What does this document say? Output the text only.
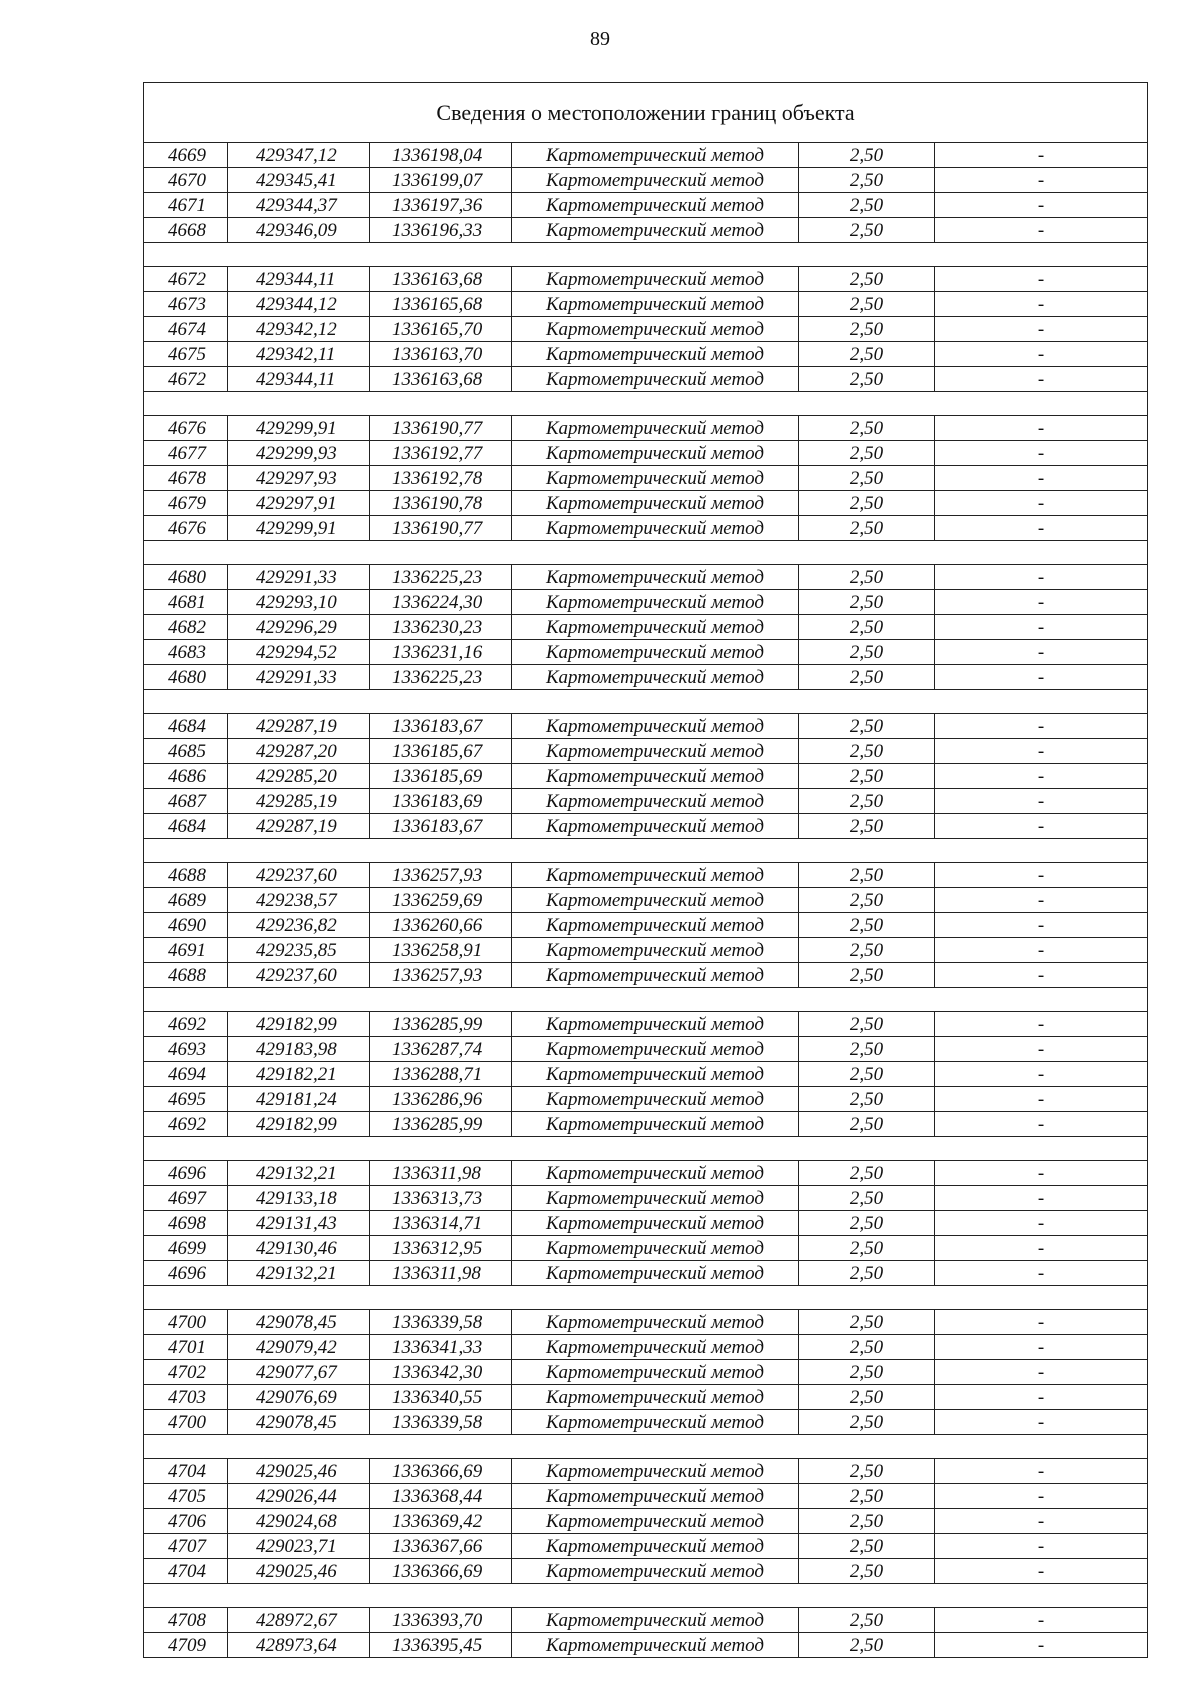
89
Сведения о местоположении границ объекта					
4669	429347,12	1336198,04	Картометрический метод	2,50	-
4670	429345,41	1336199,07	Картометрический метод	2,50	-
4671	429344,37	1336197,36	Картометрический метод	2,50	-
4668	429346,09	1336196,33	Картометрический метод	2,50	-

4672	429344,11	1336163,68	Картометрический метод	2,50	-
4673	429344,12	1336165,68	Картометрический метод	2,50	-
4674	429342,12	1336165,70	Картометрический метод	2,50	-
4675	429342,11	1336163,70	Картометрический метод	2,50	-
4672	429344,11	1336163,68	Картометрический метод	2,50	-

4676	429299,91	1336190,77	Картометрический метод	2,50	-
4677	429299,93	1336192,77	Картометрический метод	2,50	-
4678	429297,93	1336192,78	Картометрический метод	2,50	-
4679	429297,91	1336190,78	Картометрический метод	2,50	-
4676	429299,91	1336190,77	Картометрический метод	2,50	-

4680	429291,33	1336225,23	Картометрический метод	2,50	-
4681	429293,10	1336224,30	Картометрический метод	2,50	-
4682	429296,29	1336230,23	Картометрический метод	2,50	-
4683	429294,52	1336231,16	Картометрический метод	2,50	-
4680	429291,33	1336225,23	Картометрический метод	2,50	-

4684	429287,19	1336183,67	Картометрический метод	2,50	-
4685	429287,20	1336185,67	Картометрический метод	2,50	-
4686	429285,20	1336185,69	Картометрический метод	2,50	-
4687	429285,19	1336183,69	Картометрический метод	2,50	-
4684	429287,19	1336183,67	Картометрический метод	2,50	-

4688	429237,60	1336257,93	Картометрический метод	2,50	-
4689	429238,57	1336259,69	Картометрический метод	2,50	-
4690	429236,82	1336260,66	Картометрический метод	2,50	-
4691	429235,85	1336258,91	Картометрический метод	2,50	-
4688	429237,60	1336257,93	Картометрический метод	2,50	-

4692	429182,99	1336285,99	Картометрический метод	2,50	-
4693	429183,98	1336287,74	Картометрический метод	2,50	-
4694	429182,21	1336288,71	Картометрический метод	2,50	-
4695	429181,24	1336286,96	Картометрический метод	2,50	-
4692	429182,99	1336285,99	Картометрический метод	2,50	-

4696	429132,21	1336311,98	Картометрический метод	2,50	-
4697	429133,18	1336313,73	Картометрический метод	2,50	-
4698	429131,43	1336314,71	Картометрический метод	2,50	-
4699	429130,46	1336312,95	Картометрический метод	2,50	-
4696	429132,21	1336311,98	Картометрический метод	2,50	-

4700	429078,45	1336339,58	Картометрический метод	2,50	-
4701	429079,42	1336341,33	Картометрический метод	2,50	-
4702	429077,67	1336342,30	Картометрический метод	2,50	-
4703	429076,69	1336340,55	Картометрический метод	2,50	-
4700	429078,45	1336339,58	Картометрический метод	2,50	-

4704	429025,46	1336366,69	Картометрический метод	2,50	-
4705	429026,44	1336368,44	Картометрический метод	2,50	-
4706	429024,68	1336369,42	Картометрический метод	2,50	-
4707	429023,71	1336367,66	Картометрический метод	2,50	-
4704	429025,46	1336366,69	Картометрический метод	2,50	-

4708	428972,67	1336393,70	Картометрический метод	2,50	-
4709	428973,64	1336395,45	Картометрический метод	2,50	-
